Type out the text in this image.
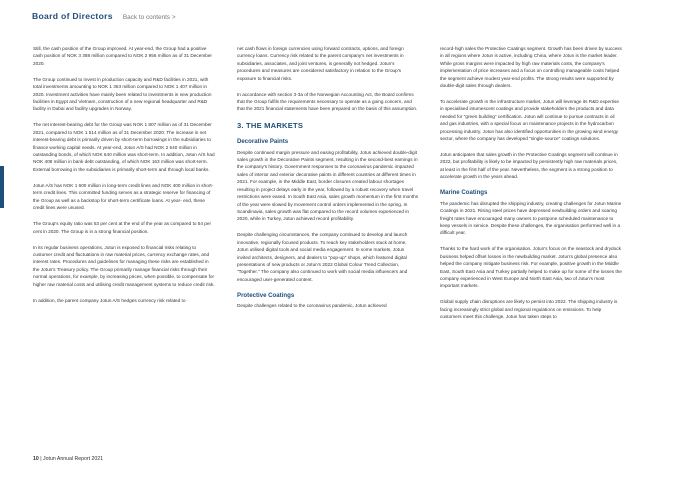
Board of Directors Back to contents >

Still, the cash position of the Group improved. At year-end, the Group had a positive cash position of NOK 3 388 million compared to NOK 2 956 million as of 31 December 2020.

The Group continued to invest in production capacity and R&D facilities in 2021, with total investments amounting to NOK 1 363 million compared to NOK 1 407 million in 2020. Investment activities have mainly been related to investments in new production facilities in Egypt and Vietnam, construction of a new regional headquarter and R&D facility in Dubai and facility upgrades in Norway.

The net interest-bearing debt for the Group was NOK 1 807 million as of 31 December 2021, compared to NOK 1 514 million as of 31 December 2020. The increase in net interest-bearing debt is primarily driven by short-term borrowings in the subsidiaries to finance working capital needs. At year-end, Jotun A/S had NOK 2 540 million in outstanding bonds, of which NOK 640 million was short-term. In addition, Jotun A/S had NOK 408 million in bank debt outstanding, of which NOK 163 million was short-term. External borrowing in the subsidiaries is primarily short-term and through local banks.

Jotun A/S has NOK 1 600 million in long-term credit lines and NOK 400 million in short-term credit lines. This committed funding serves as a strategic reserve for financing of the Group as well as a backstop for short-term certificate loans. At year- end, these credit lines were unused.

The Group's equity ratio was 53 per cent at the end of the year as compared to 54 per cent in 2020. The Group is in a strong financial position.

In its regular business operations, Jotun is exposed to financial risks relating to customer credit and fluctuations in raw material prices, currency exchange rates, and interest rates. Procedures and guidelines for managing these risks are established in the Jotun's Treasury policy. The Group primarily manage financial risks through their normal operations, for example, by increasing prices, when possible, to compensate for higher raw material costs and utilising credit management systems to reduce credit risk.

In addition, the parent company Jotun A/S hedges currency risk related to

net cash flows in foreign currencies using forward contracts, options, and foreign currency loans. Currency risk related to the parent company's net investments in subsidiaries, associates, and joint ventures, is generally not hedged. Jotun's procedures and measures are considered satisfactory in relation to the Group's exposure to financial risks.

In accordance with section 3-3a of the Norwegian Accounting Act, the Board confirms that the Group fulfils the requirements necessary to operate as a going concern, and that the 2021 financial statements have been prepared on the basis of this assumption.

3. THE MARKETS
Decorative Paints

Despite continued margin pressure and easing profitability, Jotun achieved double-digit sales growth in the Decorative Paints segment, resulting in the second-best earnings in the company's history. Government responses to the coronavirus pandemic impacted sales of interior and exterior decorative paints in different countries at different times in 2021. For example, in the Middle East, border closures created labour shortages resulting in project delays early in the year, followed by a robust recovery when travel restrictions were eased. In South East Asia, sales growth momentum in the first months of the year were slowed by movement control orders implemented in the spring. In Scandinavia, sales growth was flat compared to the record volumes experienced in 2020, while in Turkey, Jotun achieved record profitability.

Despite challenging circumstances, the company continued to develop and launch innovative, regionally focused products. To reach key stakeholders stuck at home, Jotun utilised digital tools and social media engagement. In some markets, Jotun invited architects, designers, and dealers to "pop-up" shops, which featured digital presentations of new products or Jotun's 2022 Global Colour Trend Collection, "Together." The company also continued to work with social media influencers and encouraged user-generated content.

Protective Coatings

Despite challenges related to the coronavirus pandemic, Jotun achieved

record-high sales the Protective Coatings segment. Growth has been driven by success in all regions where Jotun is active, including China, where Jotun is the market leader. While gross margins were impacted by high raw materials costs, the company's implementation of price increases and a focus on controlling manageable costs helped the segment achieve modest year-end profits. The strong results were supported by double-digit sales through dealers.

To accelerate growth in the infrastructure market, Jotun will leverage its R&D expertise in specialised intumescent coatings and provide stakeholders the products and data needed for "green building" certification. Jotun will continue to pursue contracts in oil and gas industries, with a special focus on maintenance projects in the hydrocarbon processing industry. Jotun has also identified opportunities in the growing wind energy sector, where the company has developed "single-source" coatings solutions.

Jotun anticipates that sales growth in the Protective Coatings segment will continue in 2022, but profitability is likely to be impacted by persistently high raw materials prices, at least in the first half of the year. Nevertheless, the segment is a strong position to accelerate growth in the years ahead.

Marine Coatings

The pandemic has disrupted the shipping industry, creating challenges for Jotun Marine Coatings in 2021. Rising steel prices have depressed newbuilding orders and soaring freight rates have encouraged many owners to postpone scheduled maintenance to keep vessels in service. Despite these challenges, the organisation performed well in a difficult year.

Thanks to the hard work of the organisation, Jotun's focus on the seastock and drydock business helped offset losses in the newbuilding market. Jotun's global presence also helped the company mitigate business risk. For example, positive growth in the Middle East, South East Asia and Turkey partially helped to make up for some of the losses the company experienced in West Europe and North East Asia, two of Jotun's most important markets.

Global supply chain disruptions are likely to persist into 2022. The shipping industry is facing increasingly strict global and regional regulations on emissions. To help customers meet this challenge, Jotun has taken steps to

10 | Jotun Annual Report 2021
